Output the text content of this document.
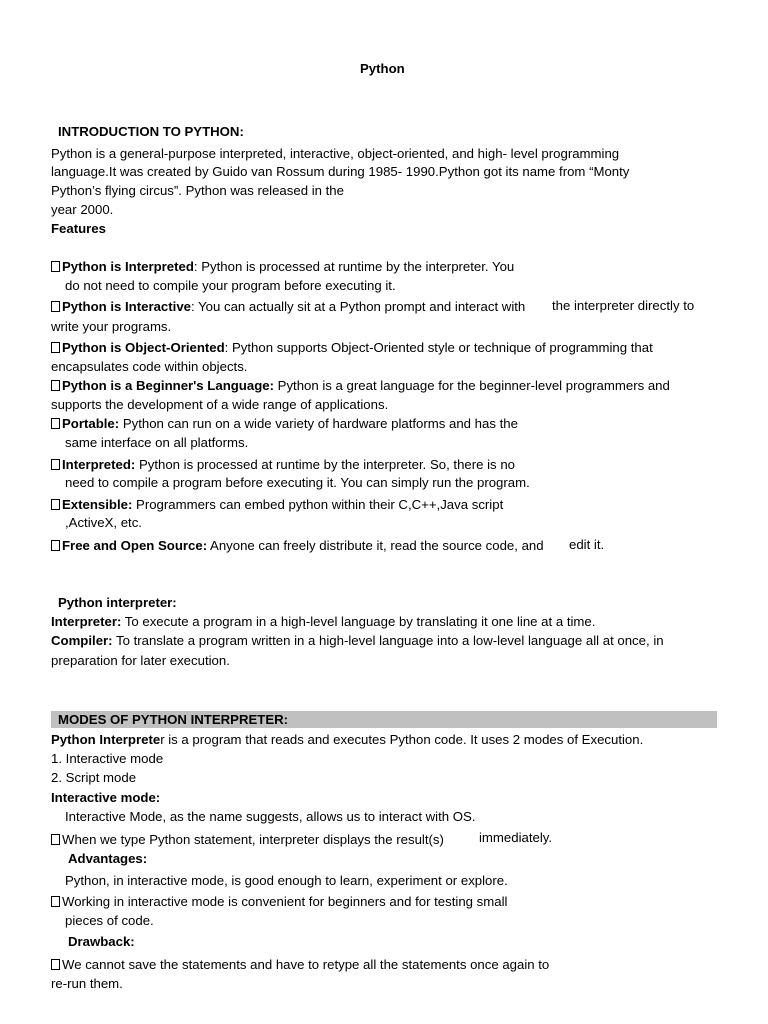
Python
INTRODUCTION TO PYTHON:
Python is a general-purpose interpreted, interactive, object-oriented, and high- level programming
language.It was created by Guido van Rossum during 1985- 1990.Python got its name from “Monty
Python’s flying circus”. Python was released in the
year 2000.
Features
Python is Interpreted: Python is processed at runtime by the interpreter. You
do not need to compile your program before executing it.
Python is Interactive: You can actually sit at a Python prompt and interact with the interpreter directly to
write your programs.
Python is Object-Oriented: Python supports Object-Oriented style or technique of programming that
encapsulates code within objects.
Python is a Beginner's Language: Python is a great language for the beginner-level programmers and
supports the development of a wide range of applications.
Portable: Python can run on a wide variety of hardware platforms and has the
same interface on all platforms.
Interpreted: Python is processed at runtime by the interpreter. So, there is no
need to compile a program before executing it. You can simply run the program.
Extensible: Programmers can embed python within their C,C++,Java script
,ActiveX, etc.
Free and Open Source: Anyone can freely distribute it, read the source code, and edit it.
Python interpreter:
Interpreter: To execute a program in a high-level language by translating it one line at a time.
Compiler: To translate a program written in a high-level language into a low-level language all at once, in
preparation for later execution.
MODES OF PYTHON INTERPRETER:
Python Interpreter is a program that reads and executes Python code. It uses 2 modes of Execution.
1. Interactive mode
2. Script mode
Interactive mode:
Interactive Mode, as the name suggests, allows us to interact with OS.
When we type Python statement, interpreter displays the result(s)	immediately.
Advantages:
Python, in interactive mode, is good enough to learn, experiment or explore.
Working in interactive mode is convenient for beginners and for testing small
pieces of code.
Drawback:
We cannot save the statements and have to retype all the statements once again to
re-run them.
